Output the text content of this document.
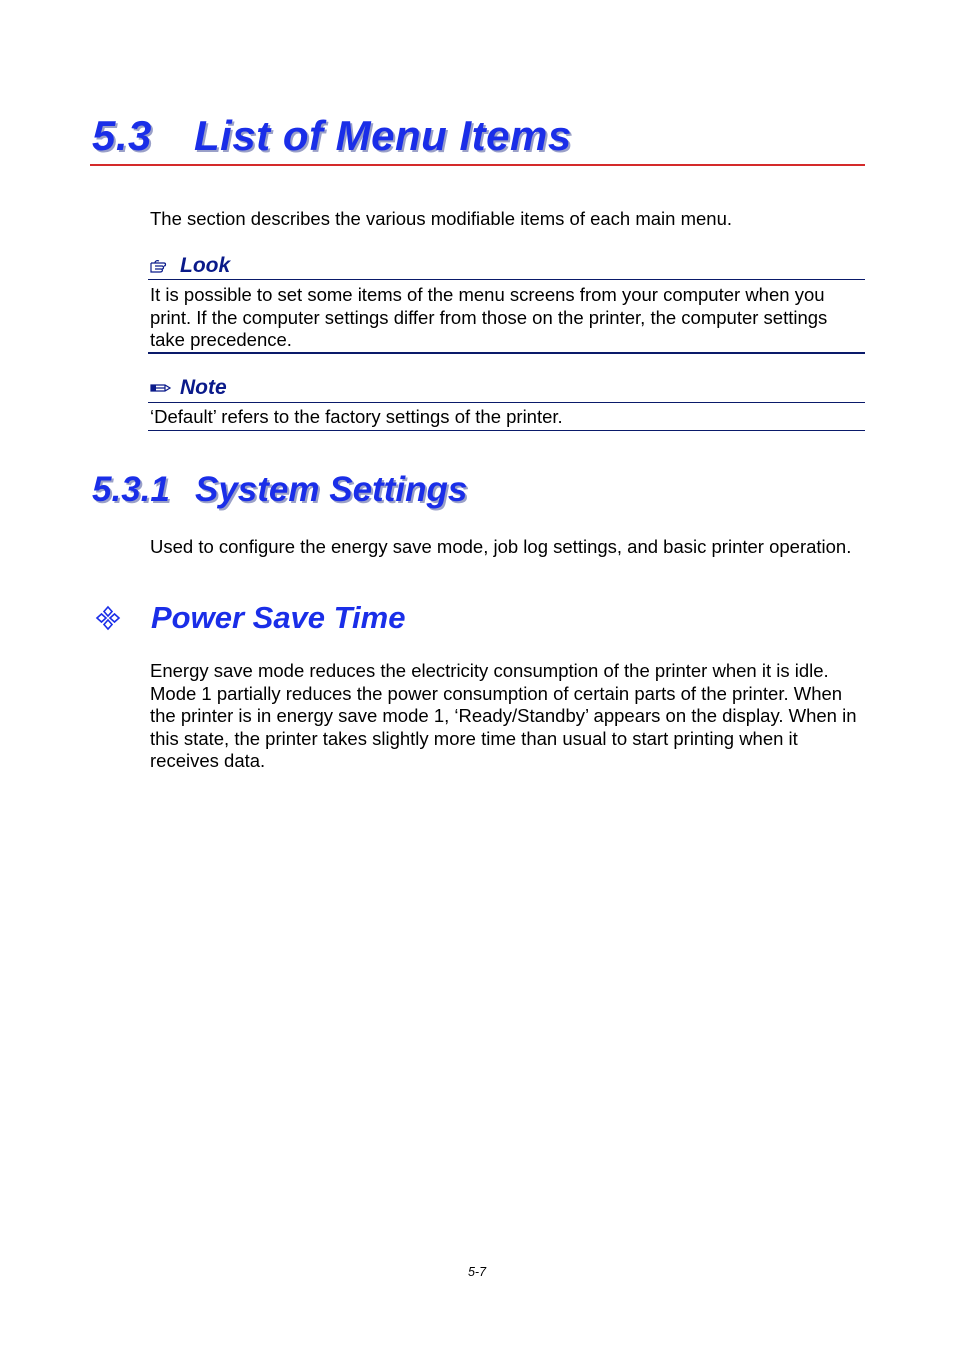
5.3 List of Menu Items
The section describes the various modifiable items of each main menu.
Look
It is possible to set some items of the menu screens from your computer when you print. If the computer settings differ from those on the printer, the computer settings take precedence.
Note
‘Default’ refers to the factory settings of the printer.
5.3.1 System Settings
Used to configure the energy save mode, job log settings, and basic printer operation.
Power Save Time
Energy save mode reduces the electricity consumption of the printer when it is idle. Mode 1 partially reduces the power consumption of certain parts of the printer. When the printer is in energy save mode 1, ‘Ready/Standby’ appears on the display. When in this state, the printer takes slightly more time than usual to start printing when it receives data.
5-7
